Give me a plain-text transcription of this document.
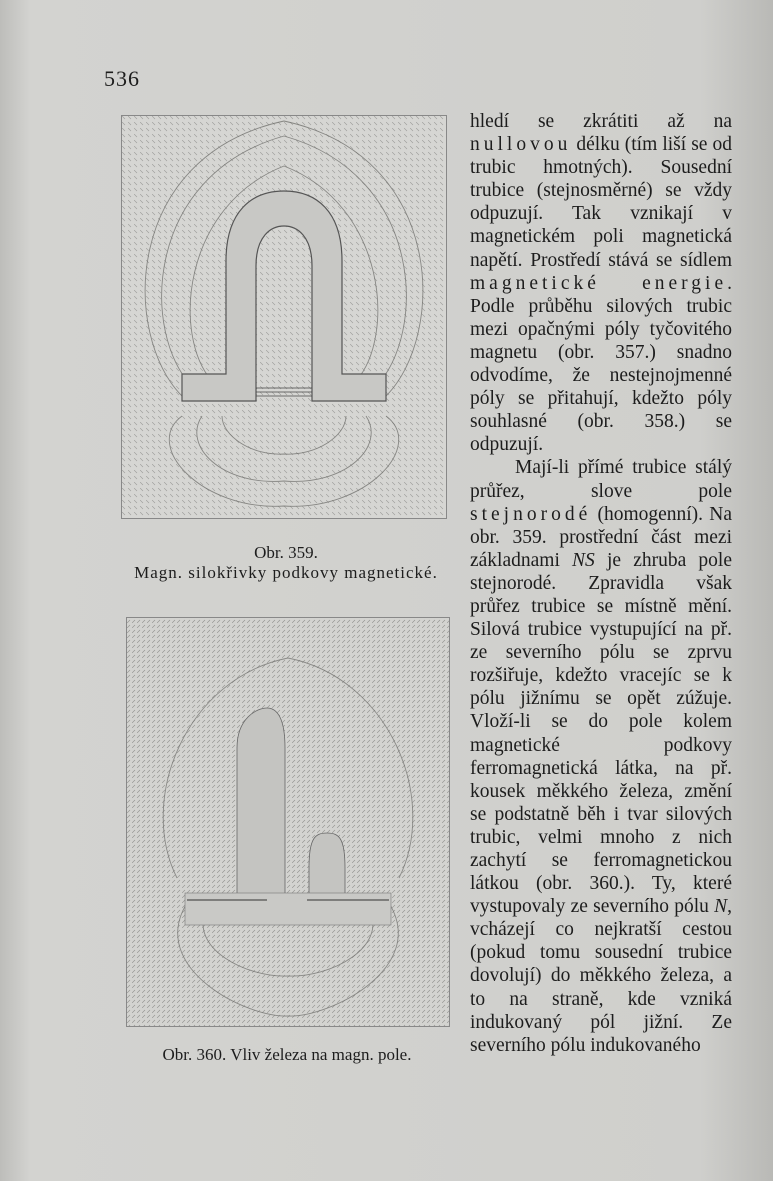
536
Obr. 359.
Magn. silokřivky podkovy magnetické.
Obr. 360. Vliv železa na magn. pole.

hledí se zkrátiti až na nullovou délku (tím liší se od trubic hmotných). Sousední trubice (stejnosměrné) se vždy odpuzují. Tak vznikají v magnetickém poli magnetická napětí. Prostředí stává se sídlem magnetické energie. Podle průběhu silových trubic mezi opačnými póly tyčovitého magnetu (obr. 357.) snadno odvodíme, že nestejnojmenné póly se přitahují, kdežto póly souhlasné (obr. 358.) se odpuzují.

Mají-li přímé trubice stálý průřez, slove pole stejnorodé (homogenní). Na obr. 359. prostřední část mezi základnami NS je zhruba pole stejnorodé. Zpravidla však průřez trubice se místně mění. Silová trubice vystupující na př. ze severního pólu se zprvu rozšiřuje, kdežto vracejíc se k pólu jižnímu se opět zúžuje. Vloží-li se do pole kolem magnetické podkovy ferromagnetická látka, na př. kousek měkkého železa, změní se podstatně běh i tvar silových trubic, velmi mnoho z nich zachytí se ferromagnetickou látkou (obr. 360.). Ty, které vystupovaly ze severního pólu N, vcházejí co nejkratší cestou (pokud tomu sousední trubice dovolují) do měkkého železa, a to na straně, kde vzniká indukovaný pól jižní. Ze severního pólu indukovaného
